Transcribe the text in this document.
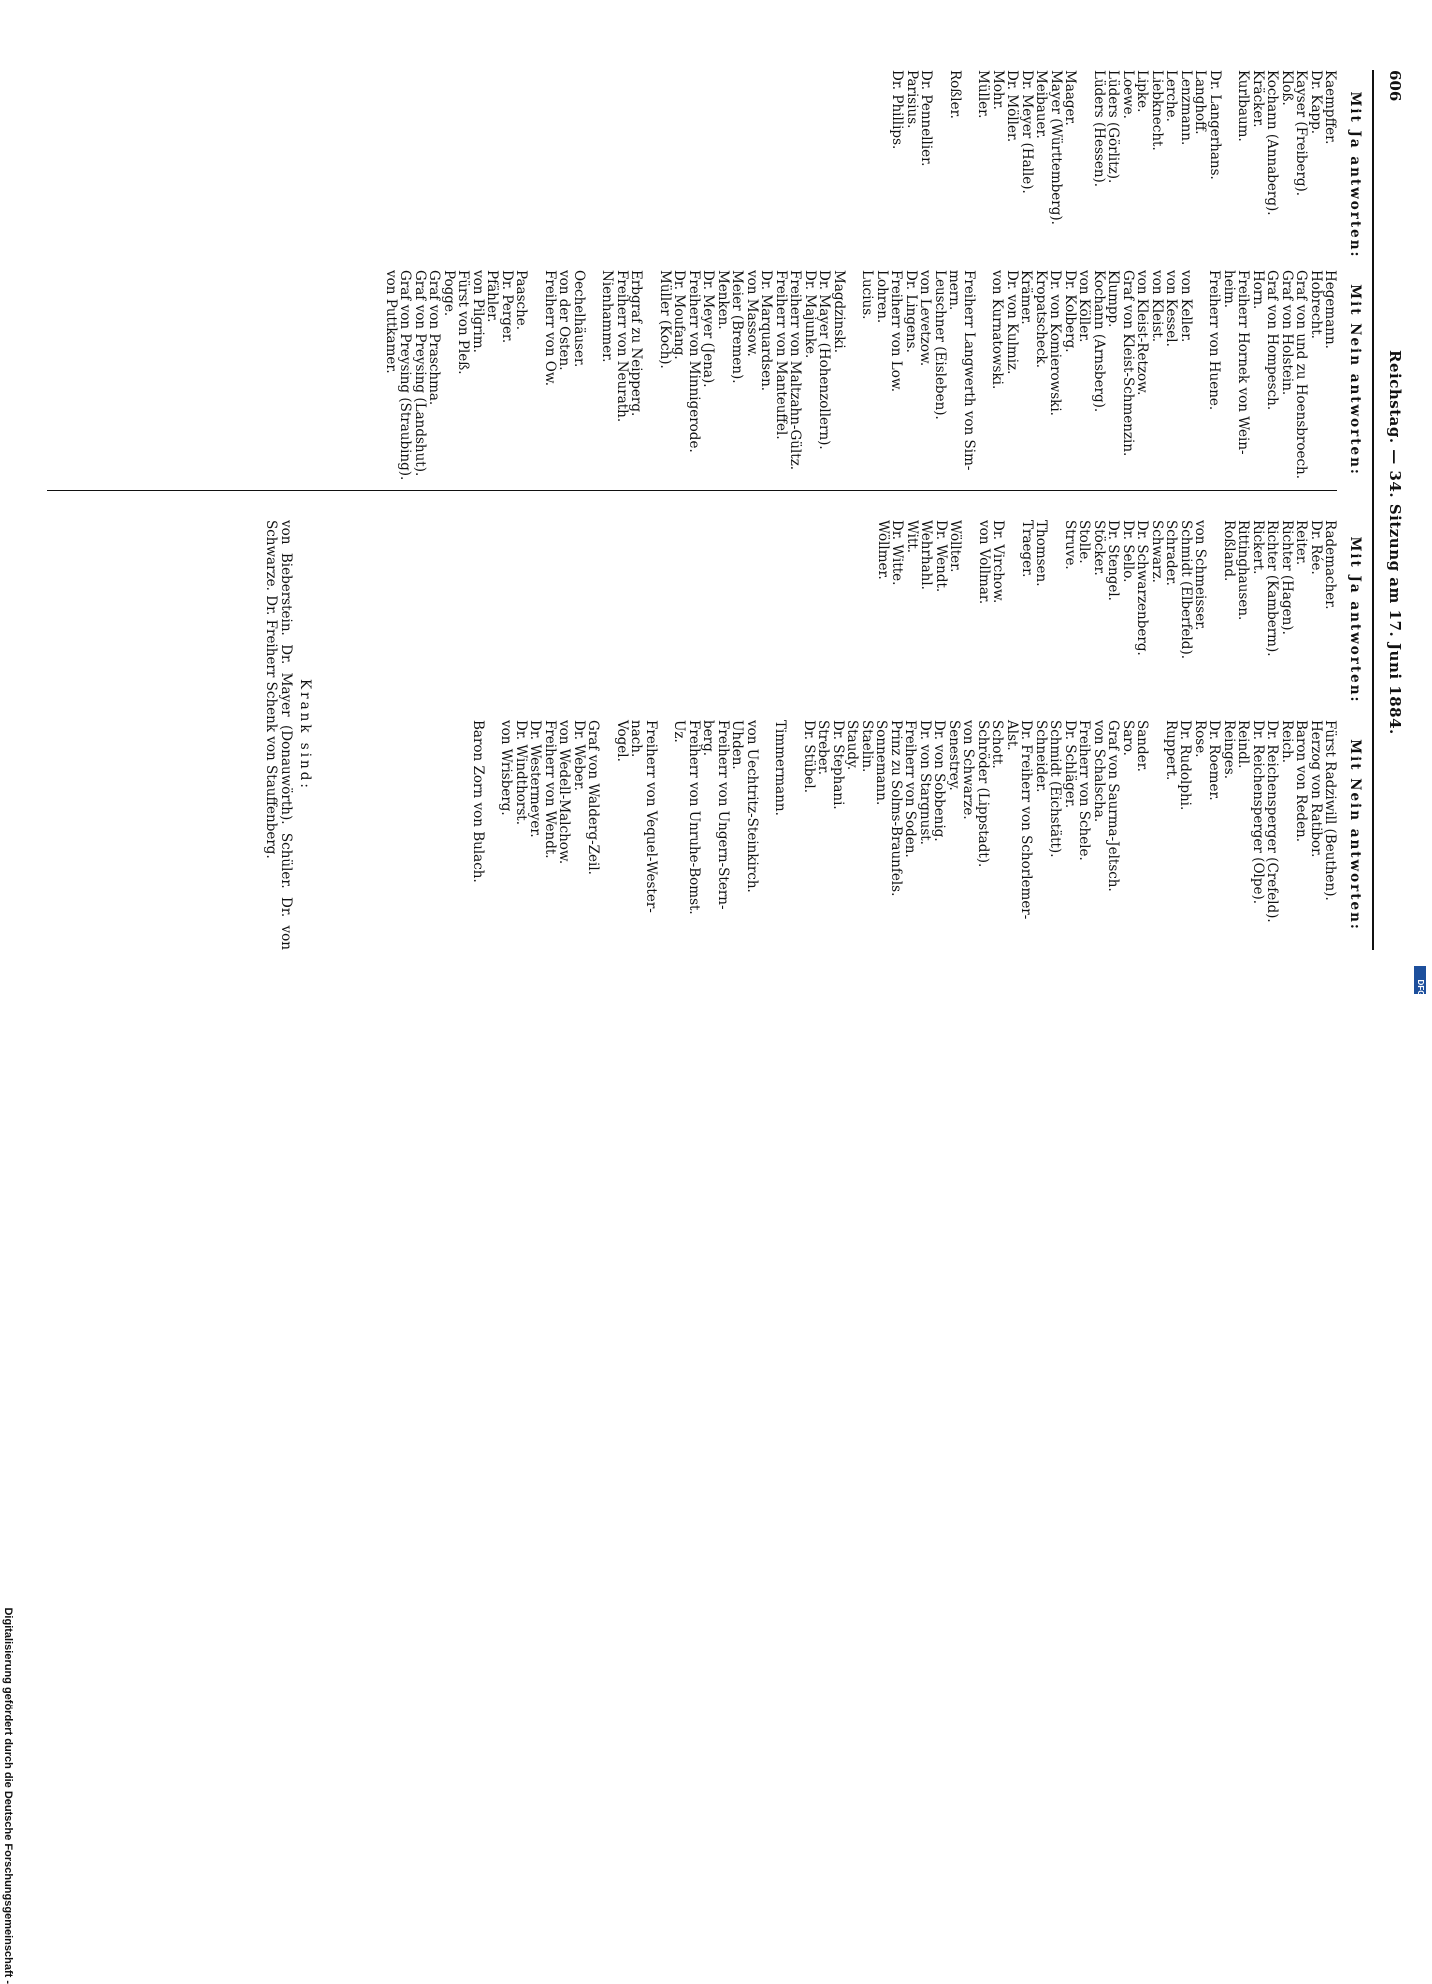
606
Reichstag. — 34. Sitzung am 17. Juni 1884.
Mit Ja antworten:
Kaempffer.
Dr. Kapp.
Kayser (Freiberg).
Kloß.
Kochann (Annaberg).
Kräcker.
Kurlbaum.
Dr. Langerhans.
Langhoff.
Lenzmann.
Lerche.
Liebknecht.
Lipke.
Loewe.
Lüders (Görlitz).
Lüders (Hessen).
Maager.
Mayer (Württemberg).
Meibauer.
Dr. Meyer (Halle).
Dr. Möller.
Mohr.
Müller.
Roßler.
Dr. Pennellier.
Parisius.
Dr. Phillips.
Mit Nein antworten:
Hegemann.
Hobrecht.
Graf von und zu Hoensbroech.
Graf von Holstein.
Graf von Hompesch.
Horn.
Freiherr Hornek von Wein-
heim.
Freiherr von Huene.
von Keller.
von Kessel.
von Kleist.
von Kleist-Retzow.
Graf von Kleist-Schmenzin.
Klumpp.
Kochann (Arnsberg).
von Köller.
Dr. Kolberg.
Dr. von Komierowski.
Kropatscheck.
Krämer.
Dr. von Kulmiz.
von Kurnatowski.
Freiherr Langwerth von Sim-
mern.
Leuschner (Eisleben).
von Levetzow.
Dr. Lingens.
Freiherr von Low.
Lohren.
Lucius.
Magdzinski.
Dr. Mayer (Hohenzollern).
Dr. Majunke.
Freiherr von Maltzahn-Gültz.
Freiherr von Manteuffel.
Dr. Marquardsen.
von Massow.
Meier (Bremen).
Menken.
Dr. Meyer (Jena).
Freiherr von Minnigerode.
Dr. Moufang.
Müller (Koch).
Erbgraf zu Neipperg.
Freiherr von Neurath.
Nienhammer.
Oechelhäuser.
von der Osten.
Freiherr von Ow.
Paasche.
Dr. Perger.
Pfähler.
von Pilgrim.
Fürst von Pleß.
Pogge.
Graf von Praschma.
Graf von Preysing (Landshut).
Graf von Preysing (Straubing).
von Puttkamer.
Mit Ja antworten:
Rademacher.
Dr. Rée.
Reiter.
Richter (Hagen).
Richter (Kamberm).
Rickert.
Rittinghausen.
Roßland.
von Schmeisser.
Schmidt (Elberfeld).
Schrader.
Schwarz.
Dr. Schwarzenberg.
Dr. Sello.
Dr. Stengel.
Stöcker.
Stolle.
Struve.
Thomsen.
Traeger.
Dr. Virchow.
von Vollmar.
Wöllter.
Dr. Wendt.
Wehrhahl.
Witt.
Dr. Witte.
Wöllmer.
Mit Nein antworten:
Fürst Radziwill (Beuthen).
Herzog von Ratibor.
Baron von Reden.
Reich.
Dr. Reichensperger (Crefeld).
Dr. Reichensperger (Olpe).
Reindl.
Reinges.
Dr. Roemer.
Rose.
Dr. Rudolphi.
Ruppert.
Sander.
Saro.
Graf von Saurma-Jeltsch.
von Schalscha.
Freiherr von Schele.
Dr. Schläger.
Schmidt (Eichstätt).
Schneider.
Dr. Freiherr von Schorlemer-
Alst.
Schott.
Schröder (Lippstadt).
von Schwarze.
Senestrey.
Dr. von Sobbenig.
Dr. von Stargnust.
Freiherr von Soden.
Prinz zu Solms-Braunfels.
Sonnemann.
Staelin.
Staudy.
Dr. Stephani.
Streber.
Dr. Stübel.
Timmermann.
von Uechtritz-Steinkirch.
Uhden.
Freiherr von Ungern-Stern-
berg.
Freiherr von Unruhe-Bomst.
Uz.
Freiherr von Vequel-Wester-
nach.
Vogel.
Graf von Walderg-Zeil.
Dr. Weber.
von Wedell-Malchow.
Freiherr von Wendt.
Dr. Westermeyer.
Dr. Windthorst.
von Wrisberg.
Baron Zorn von Bulach.
Krank sind:

von Bieberstein. Dr. Mayer (Donauwörth). Schüler. Dr. von Schwarze. Dr. Freiherr Schenk von Stauffenberg.

Digitalisierung gefördert durch die Deutsche Forschungsgemeinschaft -
DFG
